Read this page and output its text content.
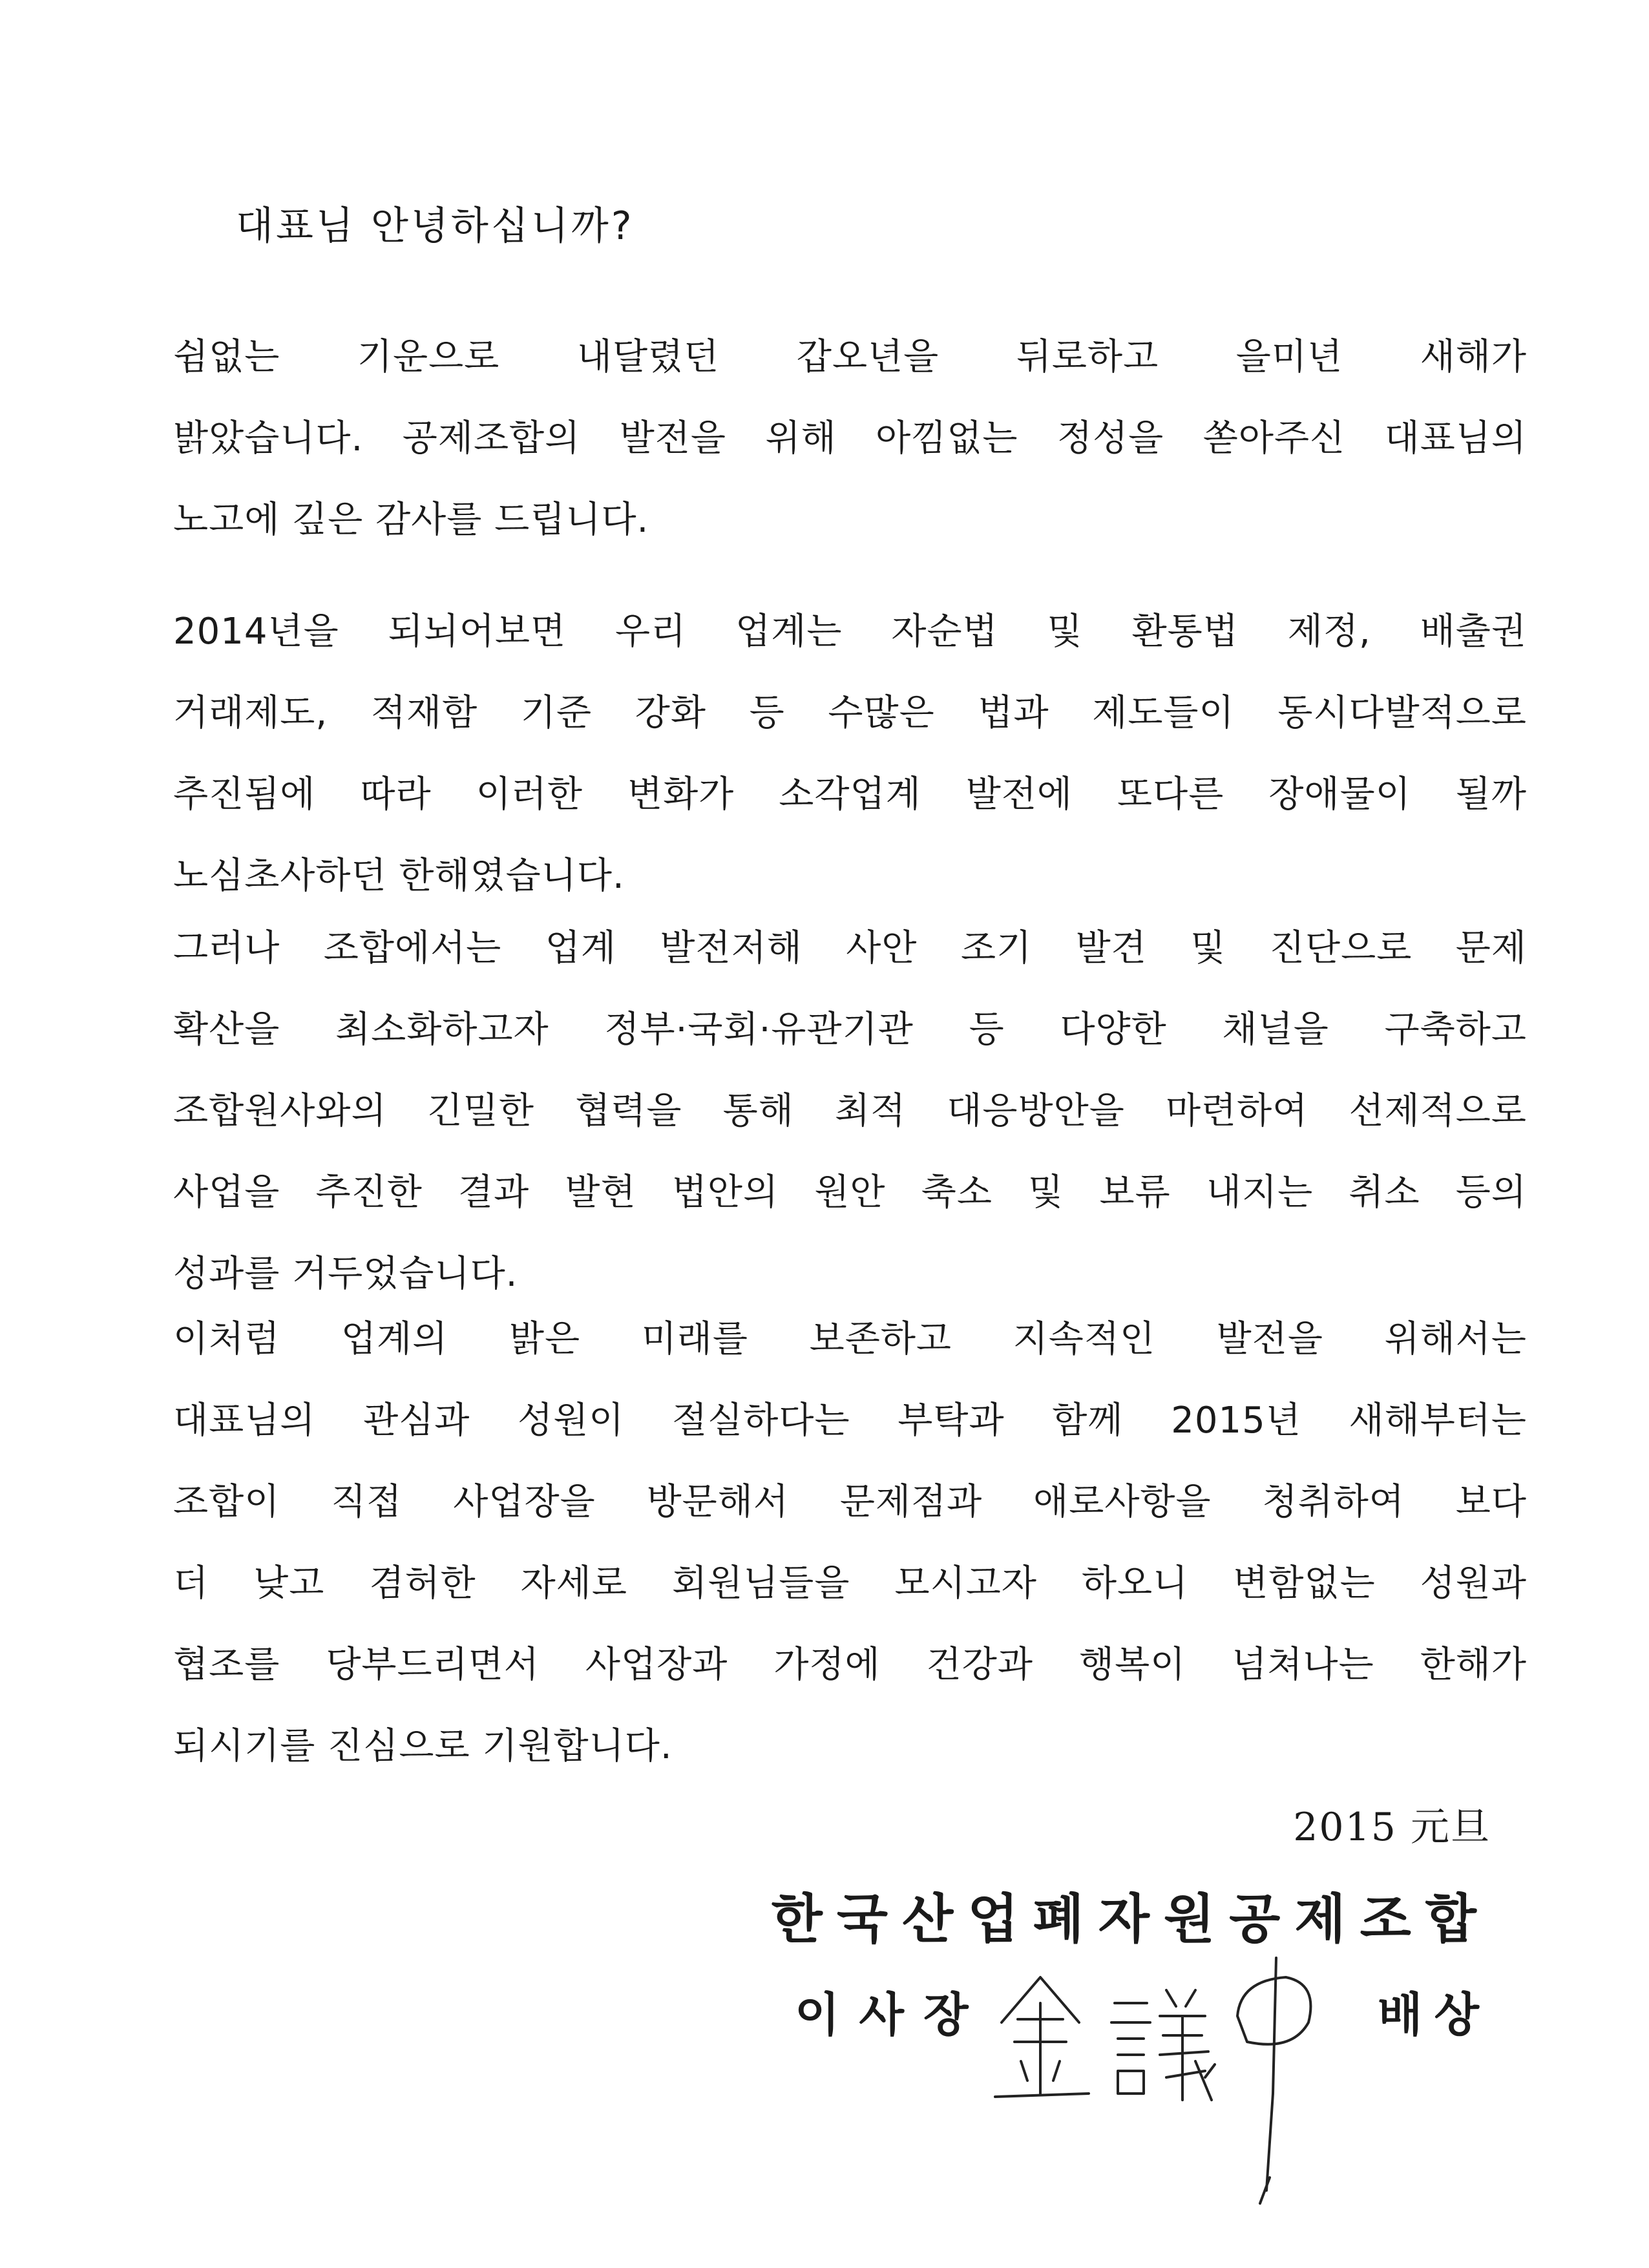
대표님 안녕하십니까?
쉼없는 기운으로 내달렸던 갑오년을 뒤로하고 을미년 새해가
밝았습니다. 공제조합의 발전을 위해 아낌없는 정성을 쏟아주신 대표님의
노고에 깊은 감사를 드립니다.
2014년을 되뇌어보면 우리 업계는 자순법 및 환통법 제정, 배출권
거래제도, 적재함 기준 강화 등 수많은 법과 제도들이 동시다발적으로
추진됨에 따라 이러한 변화가 소각업계 발전에 또다른 장애물이 될까
노심초사하던 한해였습니다.
그러나 조합에서는 업계 발전저해 사안 조기 발견 및 진단으로 문제
확산을 최소화하고자 정부·국회·유관기관 등 다양한 채널을 구축하고
조합원사와의 긴밀한 협력을 통해 최적 대응방안을 마련하여 선제적으로
사업을 추진한 결과 발현 법안의 원안 축소 및 보류 내지는 취소 등의
성과를 거두었습니다.
이처럼 업계의 밝은 미래를 보존하고 지속적인 발전을 위해서는
대표님의 관심과 성원이 절실하다는 부탁과 함께 2015년 새해부터는
조합이 직접 사업장을 방문해서 문제점과 애로사항을 청취하여 보다
더 낮고 겸허한 자세로 회원님들을 모시고자 하오니 변함없는 성원과
협조를 당부드리면서 사업장과 가정에 건강과 행복이 넘쳐나는 한해가
되시기를 진심으로 기원합니다.
2015 元旦
한국산업폐자원공제조합
이사장	배상
